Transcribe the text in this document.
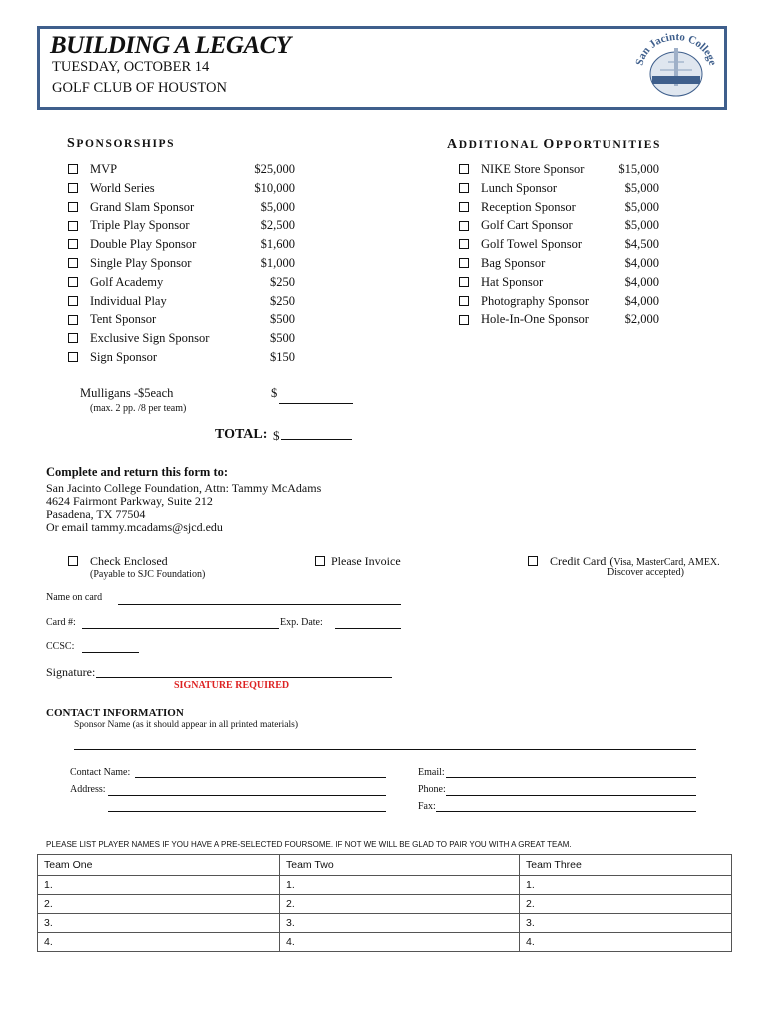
BUILDING A LEGACY
TUESDAY, OCTOBER 14
GOLF CLUB OF HOUSTON
San Jacinto College
SPONSORSHIPS	ADDITIONAL OPPORTUNITIES
MVP	$25,000
World Series	$10,000
Grand Slam Sponsor	$5,000
Triple Play Sponsor	$2,500
Double Play Sponsor	$1,600
Single Play Sponsor	$1,000
Golf Academy	$250
Individual Play	$250
Tent Sponsor	$500
Exclusive Sign Sponsor	$500
Sign Sponsor	$150
NIKE Store Sponsor	$15,000
Lunch Sponsor	$5,000
Reception Sponsor	$5,000
Golf Cart Sponsor	$5,000
Golf Towel Sponsor	$4,500
Bag Sponsor	$4,000
Hat Sponsor	$4,000
Photography Sponsor	$4,000
Hole-In-One Sponsor	$2,000
Mulligans -$5each
(max. 2 pp. /8 per team)
$
TOTAL: $
Complete and return this form to:
San Jacinto College Foundation, Attn: Tammy McAdams
4624 Fairmont Parkway, Suite 212
Pasadena, TX 77504
Or email tammy.mcadams@sjcd.edu
Check Enclosed
(Payable to SJC Foundation)
Please Invoice	Credit Card (Visa, MasterCard, AMEX.
Discover accepted)
Name on card
Card #:	Exp. Date:
CCSC:
Signature:
SIGNATURE REQUIRED
CONTACT INFORMATION
Sponsor Name (as it should appear in all printed materials)
Contact Name:	Email:
Address:	Phone:
Fax:
PLEASE LIST PLAYER NAMES IF YOU HAVE A PRE-SELECTED FOURSOME. IF NOT WE WILL BE GLAD TO PAIR YOU WITH A GREAT TEAM.
Team One	Team Two	Team Three
1.	1.	1.
2.	2.	2.
3.	3.	3.
4.	4.	4.
